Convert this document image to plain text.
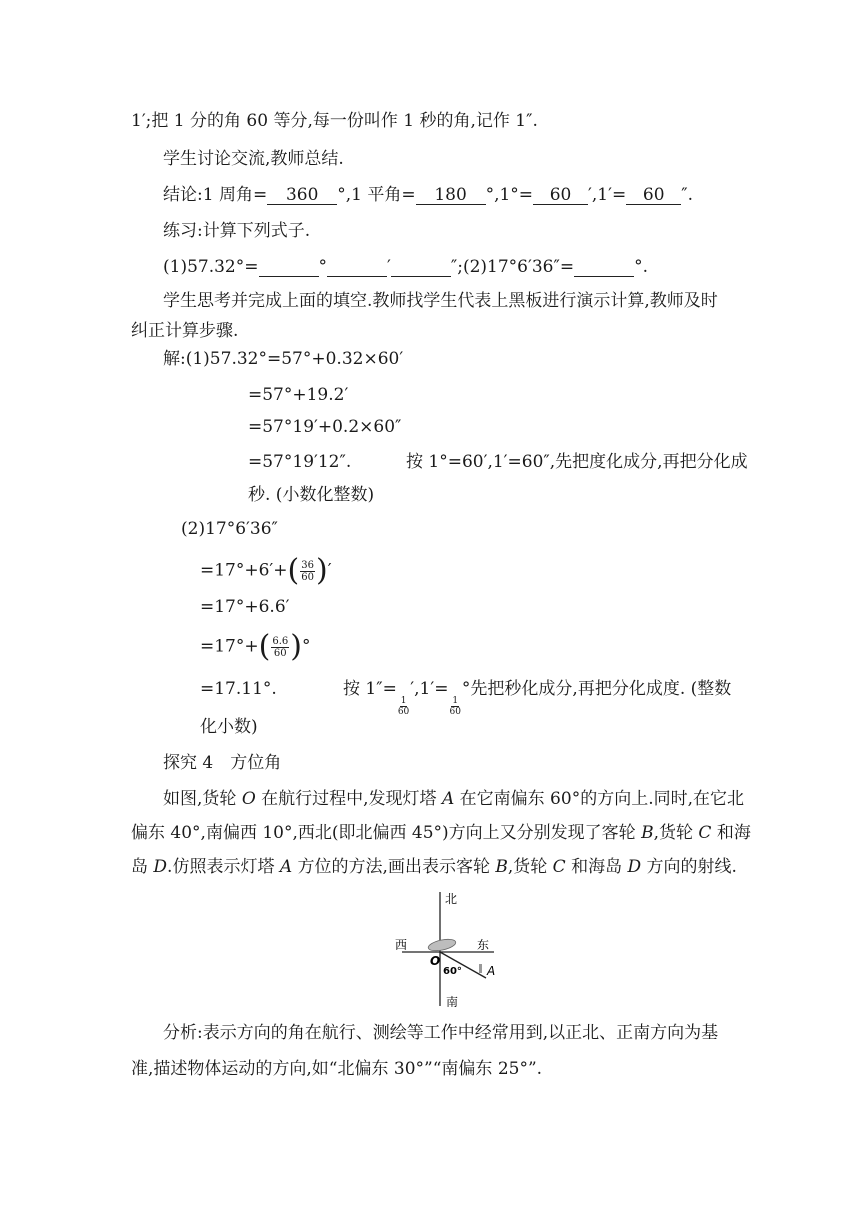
1′;把 1 分的角 60 等分,每一份叫作 1 秒的角,记作 1″.
学生讨论交流,教师总结.
结论:1 周角= 360 °,1 平角= 180 °,1°= 60 ′,1′= 60 ″.
练习:计算下列式子.
(1)57.32°=	°	′	″;(2)17°6′36″=	°.
学生思考并完成上面的填空.教师找学生代表上黑板进行演示计算,教师及时
纠正计算步骤.
解:(1)57.32°=57°+0.32×60′
=57°+19.2′
=57°19′+0.2×60″
=57°19′12″.	按 1°=60′,1′=60″,先把度化成分,再把分化成
秒. (小数化整数)
(2)17°6′36″
=17°+6′+ ( $\frac{36}{60}$ ) ′
=17°+6.6′
=17°+ ( $\frac{6.6}{60}$ ) °
=17.11°.	按 1″=
$\frac{1}{60}$
′,1′=
$\frac{1}{60}$
°先把秒化成分,再把分化成度. (整数
化小数)
探究 4　方位角
如图,货轮 O 在航行过程中,发现灯塔 A 在它南偏东 60°的方向上.同时,在它北
偏东 40°,南偏西 10°,西北(即北偏西 45°)方向上又分别发现了客轮 B,货轮 C 和海
岛 D.仿照表示灯塔 A 方位的方法,画出表示客轮 B,货轮 C 和海岛 D 方向的射线.
北
南
西	东
O
60° A
分析:表示方向的角在航行、测绘等工作中经常用到,以正北、正南方向为基
准,描述物体运动的方向,如“北偏东 30°”“南偏东 25°”.
